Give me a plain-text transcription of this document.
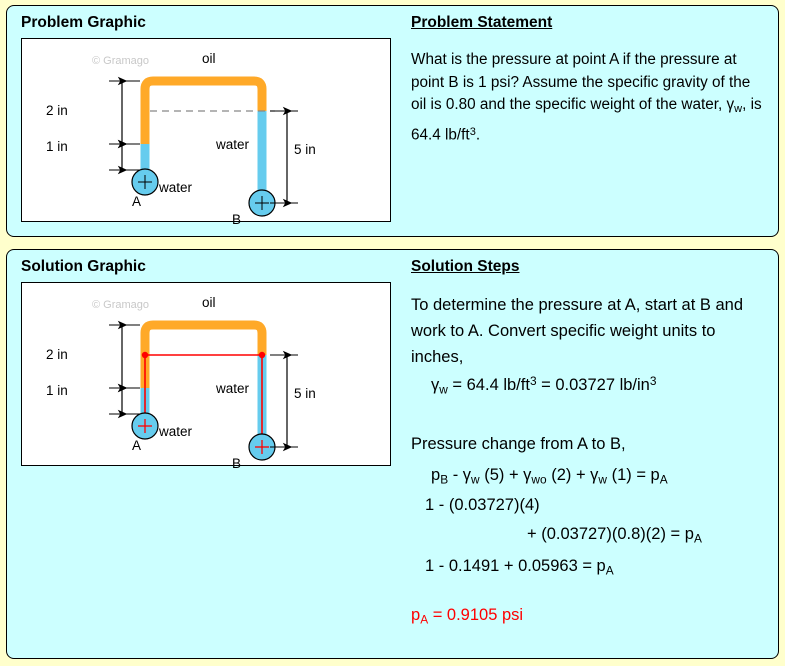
Problem Graphic	Problem Statement
© Gramago	oil
water
water
2 in
1 in	5 in
A
B
What is the pressure at point A if the pressure at point B is 1 psi? Assume the specific gravity of the oil is 0.80 and the specific weight of the water, $\gamma_w$, is 64.4 $lb/ft^3$.
Solution Graphic	Solution Steps
© Gramago	oil
water
water
2 in
1 in	5 in
A
B
To determine the pressure at A, start at B and work to A. Convert specific weight units to inches,
$\gamma_w = 64.4$ $lb/ft^3 = 0.03727$ $lb/in^3$
Pressure change from A to B,
$p_B - \gamma_w$ $(5) + \gamma_{wo}$ $(2) + \gamma_w$ $(1) = p_A$
1 - (0.03727)(4)
+ $(0.03727)(0.8)(2) = p_A$
$1 - 0.1491 + 0.05963 = p_A$
$p_A = 0.9105$ psi
